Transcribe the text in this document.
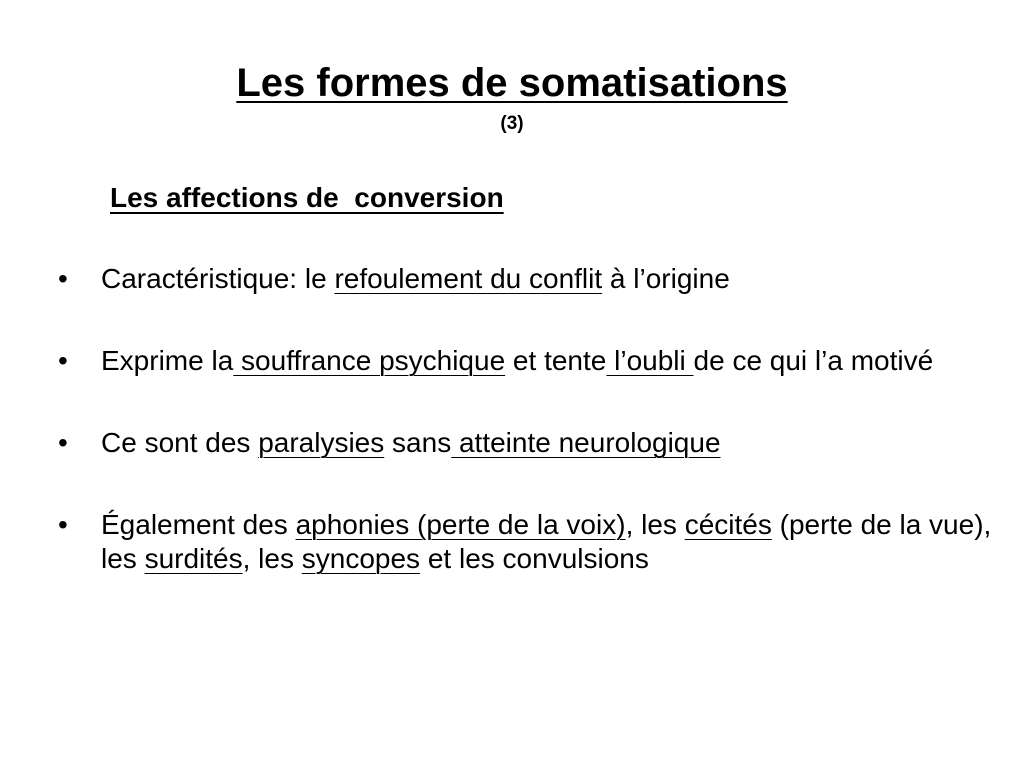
Les formes de somatisations
(3)
Les affections de  conversion
• Caractéristique: le refoulement du conflit à l’origine
• Exprime la souffrance psychique et tente l’oubli de ce qui l’a motivé
• Ce sont des paralysies sans atteinte neurologique
• Également des aphonies (perte de la voix), les cécités (perte de la vue), les surdités, les syncopes et les convulsions
